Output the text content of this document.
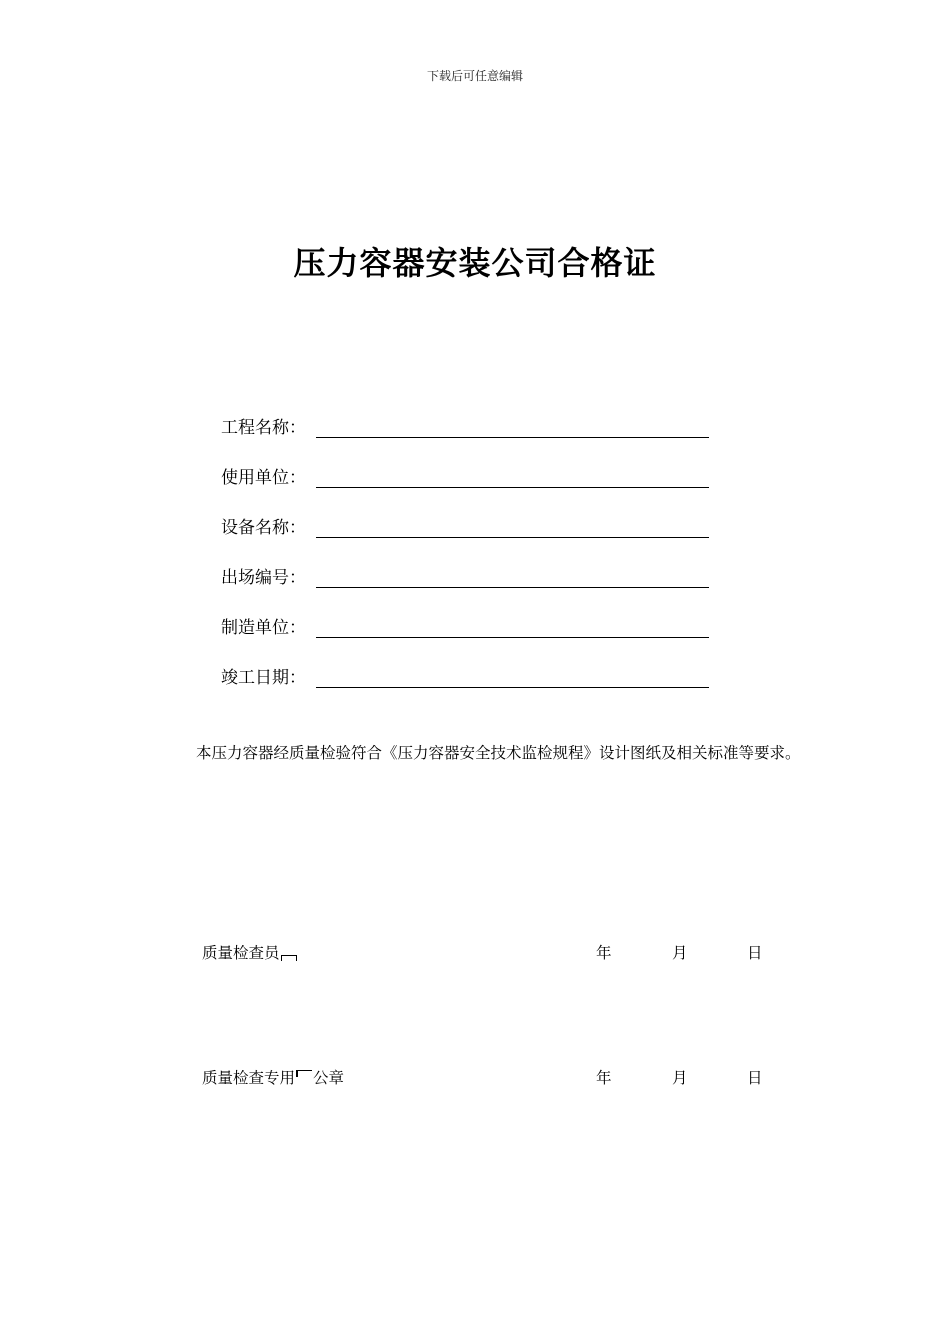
下载后可任意编辑
压力容器安装公司合格证
工程名称：
使用单位：
设备名称：
出场编号：
制造单位：
竣工日期：
本压力容器经质量检验符合《压力容器安全技术监检规程》设计图纸及相关标准等要求。
质量检查员	年	月	日
质量检查专用 公章	年	月	日
